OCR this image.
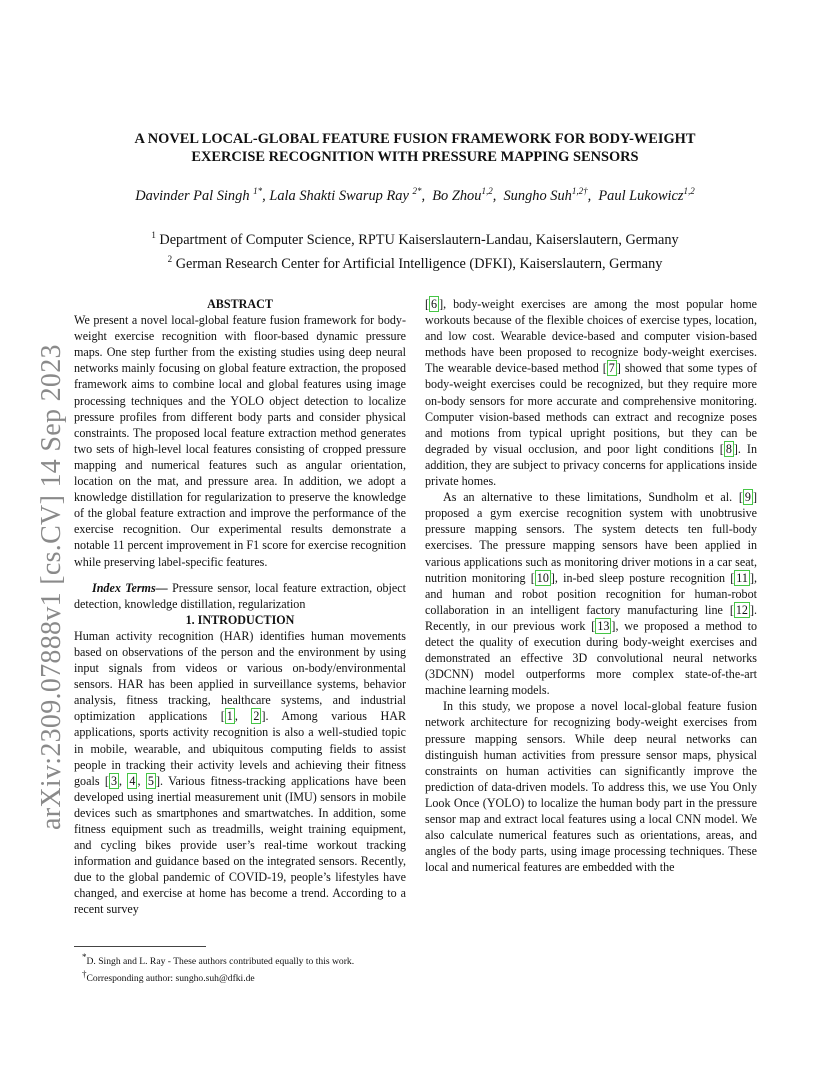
arXiv:2309.07888v1 [cs.CV] 14 Sep 2023
A NOVEL LOCAL-GLOBAL FEATURE FUSION FRAMEWORK FOR BODY-WEIGHT
EXERCISE RECOGNITION WITH PRESSURE MAPPING SENSORS
Davinder Pal Singh $^{1*}$, Lala Shakti Swarup Ray $^{2*}$,  Bo Zhou$^{1,2}$,  Sungho Suh$^{1,2\dagger}$,  Paul Lukowicz$^{1,2}$
$^1$ Department of Computer Science, RPTU Kaiserslautern-Landau, Kaiserslautern, Germany
$^2$ German Research Center for Artificial Intelligence (DFKI), Kaiserslautern, Germany

ABSTRACT

We present a novel local-global feature fusion framework for body-weight exercise recognition with floor-based dynamic pressure maps. One step further from the existing studies using deep neural networks mainly focusing on global feature extraction, the proposed framework aims to combine local and global features using image processing techniques and the YOLO object detection to localize pressure profiles from different body parts and consider physical constraints. The proposed local feature extraction method generates two sets of high-level local features consisting of cropped pressure mapping and numerical features such as angular orientation, location on the mat, and pressure area. In addition, we adopt a knowledge distillation for regularization to preserve the knowledge of the global feature extraction and improve the performance of the exercise recognition. Our experimental results demonstrate a notable 11 percent improvement in F1 score for exercise recognition while preserving label-specific features.

Index Terms— Pressure sensor, local feature extraction, object detection, knowledge distillation, regularization

1. INTRODUCTION

Human activity recognition (HAR) identifies human movements based on observations of the person and the environment by using input signals from videos or various on-body/environmental sensors. HAR has been applied in surveillance systems, behavior analysis, fitness tracking, healthcare systems, and industrial optimization applications [ 1 , 2 ]. Among various HAR applications, sports activity recognition is also a well-studied topic in mobile, wearable, and ubiquitous computing fields to assist people in tracking their activity levels and achieving their fitness goals [ 3 , 4 , 5 ]. Various fitness-tracking applications have been developed using inertial measurement unit (IMU) sensors in mobile devices such as smartphones and smartwatches. In addition, some fitness equipment such as treadmills, weight training equipment, and cycling bikes provide user’s real-time workout tracking information and guidance based on the integrated sensors. Recently, due to the global pandemic of COVID-19, people’s lifestyles have changed, and exercise at home has become a trend. According to a recent survey

[ 6 ], body-weight exercises are among the most popular home workouts because of the flexible choices of exercise types, location, and low cost. Wearable device-based and computer vision-based methods have been proposed to recognize body-weight exercises. The wearable device-based method [ 7 ] showed that some types of body-weight exercises could be recognized, but they require more on-body sensors for more accurate and comprehensive monitoring. Computer vision-based methods can extract and recognize poses and motions from typical upright positions, but they can be degraded by visual occlusion, and poor light conditions [ 8 ]. In addition, they are subject to privacy concerns for applications inside private homes.

As an alternative to these limitations, Sundholm et al. [ 9 ] proposed a gym exercise recognition system with unobtrusive pressure mapping sensors. The system detects ten full-body exercises. The pressure mapping sensors have been applied in various applications such as monitoring driver motions in a car seat, nutrition monitoring [ 10 ], in-bed sleep posture recognition [ 11 ], and human and robot position recognition for human-robot collaboration in an intelligent factory manufacturing line [ 12 ]. Recently, in our previous work [ 13 ], we proposed a method to detect the quality of execution during body-weight exercises and demonstrated an effective 3D convolutional neural networks (3DCNN) model outperforms more complex state-of-the-art machine learning models.

In this study, we propose a novel local-global feature fusion network architecture for recognizing body-weight exercises from pressure mapping sensors. While deep neural networks can distinguish human activities from pressure sensor maps, physical constraints on human activities can significantly improve the prediction of data-driven models. To address this, we use You Only Look Once (YOLO) to localize the human body part in the pressure sensor map and extract local features using a local CNN model. We also calculate numerical features such as orientations, areas, and angles of the body parts, using image processing techniques. These local and numerical features are embedded with the

*D. Singh and L. Ray - These authors contributed equally to this work.
†Corresponding author: sungho.suh@dfki.de
